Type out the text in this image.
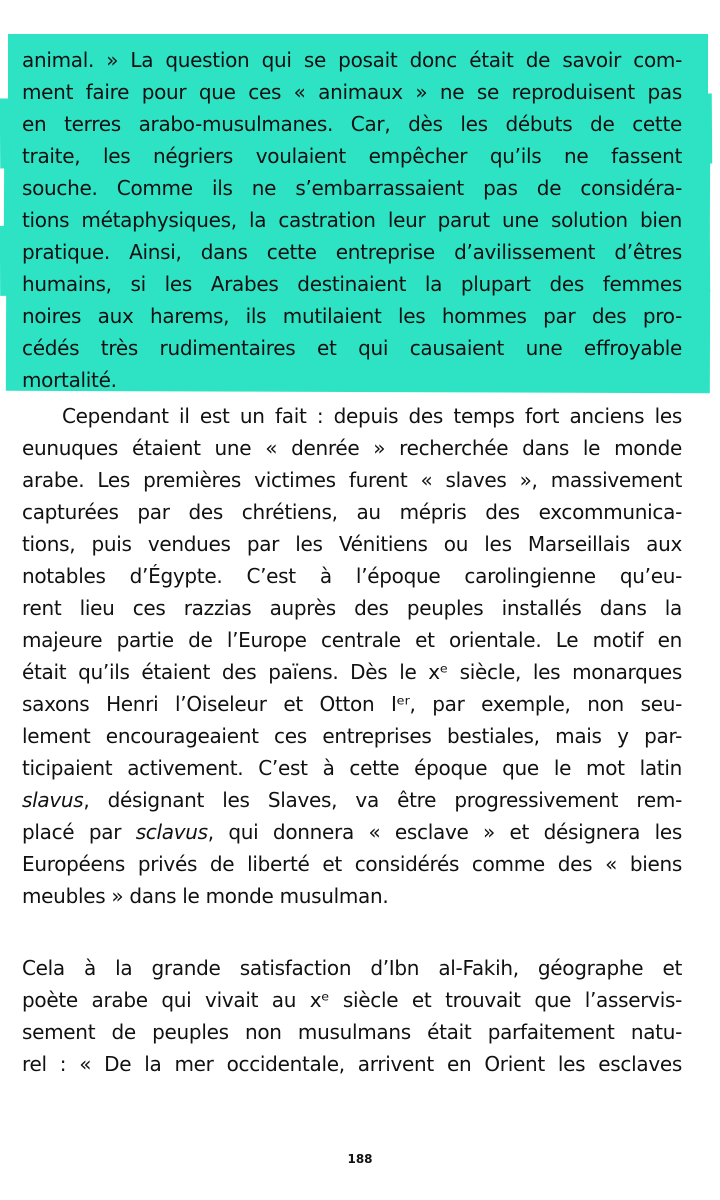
animal. » La question qui se posait donc était de savoir com-
ment faire pour que ces « animaux » ne se reproduisent pas
en terres arabo-musulmanes. Car, dès les débuts de cette
traite, les négriers voulaient empêcher qu’ils ne fassent
souche. Comme ils ne s’embarrassaient pas de considéra-
tions métaphysiques, la castration leur parut une solution bien
pratique. Ainsi, dans cette entreprise d’avilissement d’êtres
humains, si les Arabes destinaient la plupart des femmes
noires aux harems, ils mutilaient les hommes par des pro-
cédés très rudimentaires et qui causaient une effroyable
mortalité.
Cependant il est un fait : depuis des temps fort anciens les
eunuques étaient une « denrée » recherchée dans le monde
arabe. Les premières victimes furent « slaves », massivement
capturées par des chrétiens, au mépris des excommunica-
tions, puis vendues par les Vénitiens ou les Marseillais aux
notables d’Égypte. C’est à l’époque carolingienne qu’eu-
rent lieu ces razzias auprès des peuples installés dans la
majeure partie de l’Europe centrale et orientale. Le motif en
était qu’ils étaient des païens. Dès le xᵉ siècle, les monarques
saxons Henri l’Oiseleur et Otton Iᵉʳ, par exemple, non seu-
lement encourageaient ces entreprises bestiales, mais y par-
ticipaient activement. C’est à cette époque que le mot latin
slavus, désignant les Slaves, va être progressivement rem-
placé par sclavus, qui donnera « esclave » et désignera les
Européens privés de liberté et considérés comme des « biens
meubles » dans le monde musulman.
Cela à la grande satisfaction d’Ibn al-Fakih, géographe et
poète arabe qui vivait au xᵉ siècle et trouvait que l’asservis-
sement de peuples non musulmans était parfaitement natu-
rel : « De la mer occidentale, arrivent en Orient les esclaves
188
